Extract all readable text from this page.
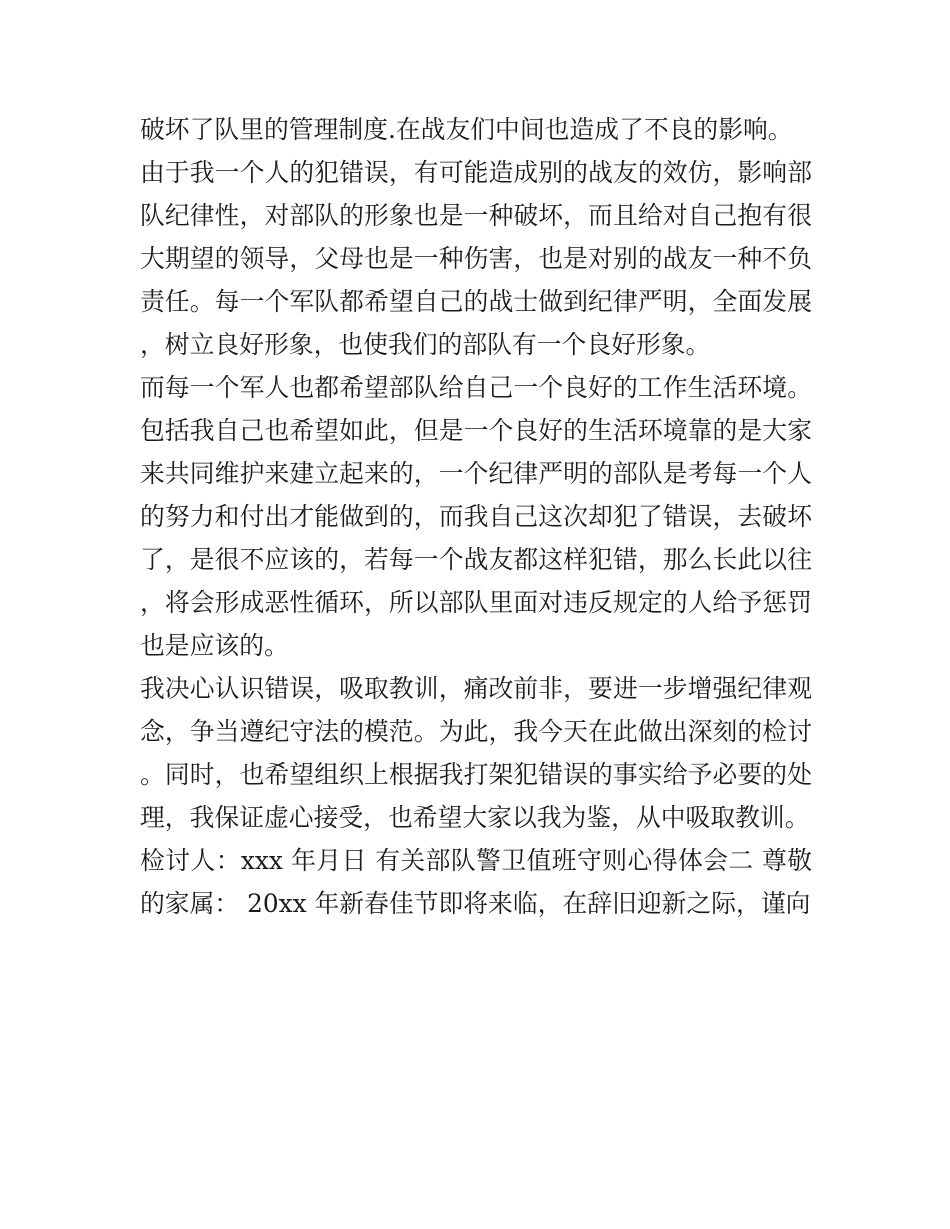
破坏了队里的管理制度.在战友们中间也造成了不良的影响。

由于我一个人的犯错误，有可能造成别的战友的效仿，影响部队纪律性，对部队的形象也是一种破坏，而且给对自己抱有很大期望的领导，父母也是一种伤害，也是对别的战友一种不负责任。每一个军队都希望自己的战士做到纪律严明，全面发展，树立良好形象，也使我们的部队有一个良好形象。

而每一个军人也都希望部队给自己一个良好的工作生活环境。包括我自己也希望如此，但是一个良好的生活环境靠的是大家来共同维护来建立起来的，一个纪律严明的部队是考每一个人的努力和付出才能做到的，而我自己这次却犯了错误，去破坏了，是很不应该的，若每一个战友都这样犯错，那么长此以往，将会形成恶性循环，所以部队里面对违反规定的人给予惩罚也是应该的。

我决心认识错误，吸取教训，痛改前非，要进一步增强纪律观念，争当遵纪守法的模范。为此，我今天在此做出深刻的检讨。同时，也希望组织上根据我打架犯错误的事实给予必要的处理，我保证虚心接受，也希望大家以我为鉴，从中吸取教训。

检讨人：xxx 年月日 有关部队警卫值班守则心得体会二 尊敬的家属： 20xx 年新春佳节即将来临，在辞旧迎新之际，谨向
